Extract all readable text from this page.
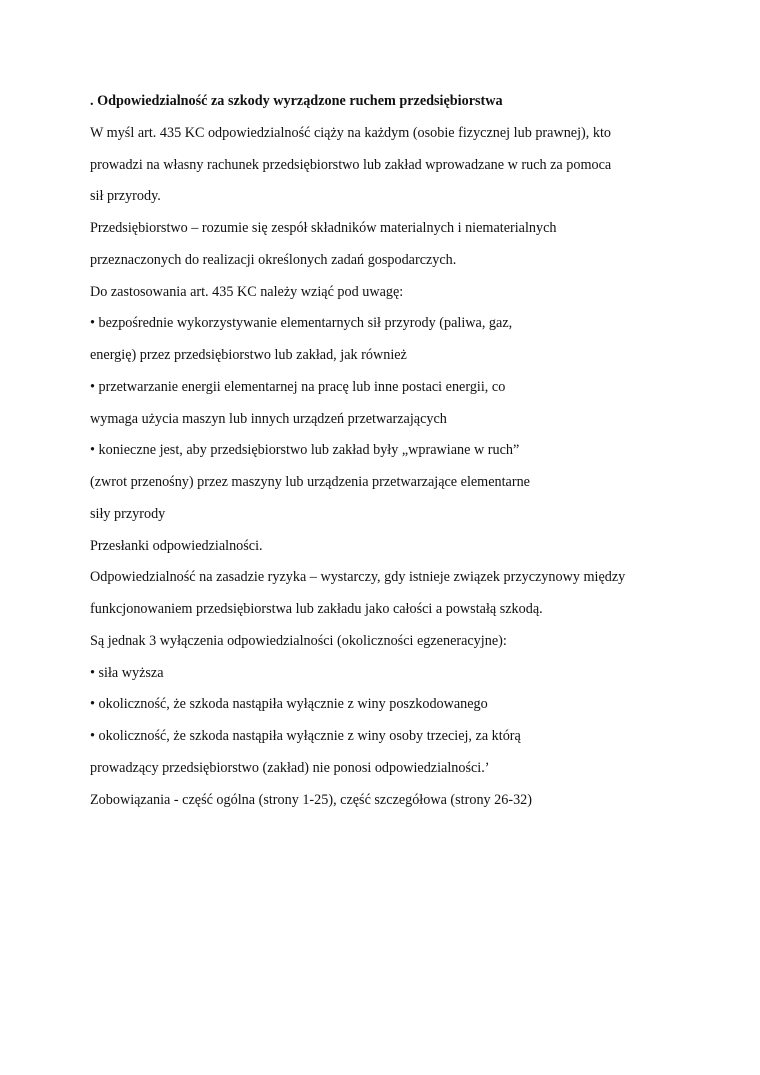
. Odpowiedzialność za szkody wyrządzone ruchem przedsiębiorstwa
W myśl art. 435 KC odpowiedzialność ciąży na każdym (osobie fizycznej lub prawnej), kto
prowadzi na własny rachunek przedsiębiorstwo lub zakład wprowadzane w ruch za pomoca
sił przyrody.
Przedsiębiorstwo – rozumie się zespół składników materialnych i niematerialnych
przeznaczonych do realizacji określonych zadań gospodarczych.
Do zastosowania art. 435 KC należy wziąć pod uwagę:
• bezpośrednie wykorzystywanie elementarnych sił przyrody (paliwa, gaz,
energię) przez przedsiębiorstwo lub zakład, jak również
• przetwarzanie energii elementarnej na pracę lub inne postaci energii, co
wymaga użycia maszyn lub innych urządzeń przetwarzających
• konieczne jest, aby przedsiębiorstwo lub zakład były „wprawiane w ruch”
(zwrot przenośny) przez maszyny lub urządzenia przetwarzające elementarne
siły przyrody
Przesłanki odpowiedzialności.
Odpowiedzialność na zasadzie ryzyka – wystarczy, gdy istnieje związek przyczynowy między
funkcjonowaniem przedsiębiorstwa lub zakładu jako całości a powstałą szkodą.
Są jednak 3 wyłączenia odpowiedzialności (okoliczności egzeneracyjne):
• siła wyższa
• okoliczność, że szkoda nastąpiła wyłącznie z winy poszkodowanego
• okoliczność, że szkoda nastąpiła wyłącznie z winy osoby trzeciej, za którą
prowadzący przedsiębiorstwo (zakład) nie ponosi odpowiedzialności.’
Zobowiązania - część ogólna (strony 1-25), część szczegółowa (strony 26-32)
